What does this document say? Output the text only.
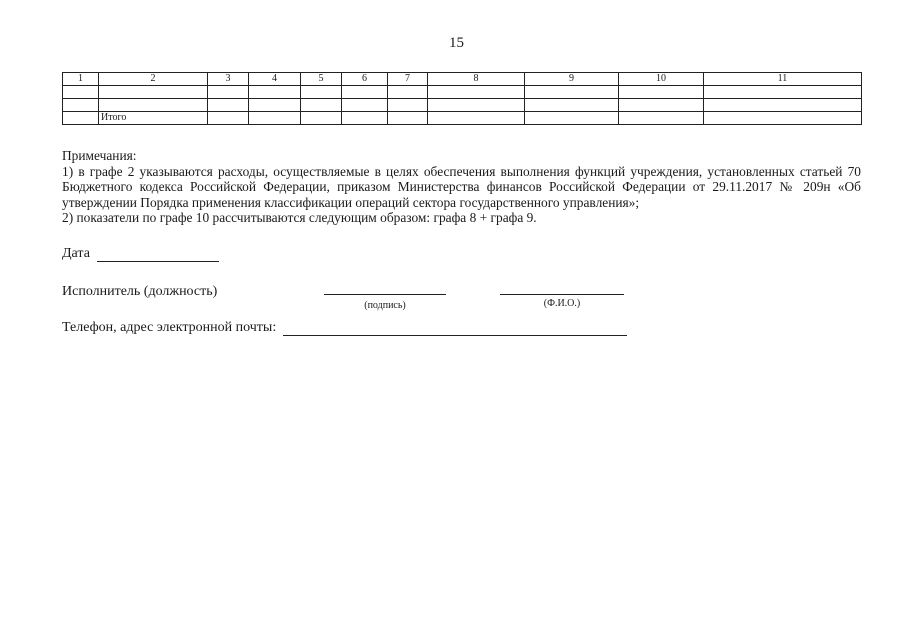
15
1	2	3	4	5	6	7	8	9	10	11

	Итого									

Примечания:

1) в графе 2 указываются расходы, осуществляемые в целях обеспечения выполнения функций учреждения, установленных статьей 70 Бюджетного кодекса Российской Федерации, приказом Министерства финансов Российской Федерации от 29.11.2017 № 209н «Об утверждении Порядка применения классификации операций сектора государственного управления»;

2) показатели по графе 10 рассчитываются следующим образом: графа 8 + графа 9.

Дата
Исполнитель (должность)
(подпись)	(Ф.И.О.)
Телефон, адрес электронной почты:
